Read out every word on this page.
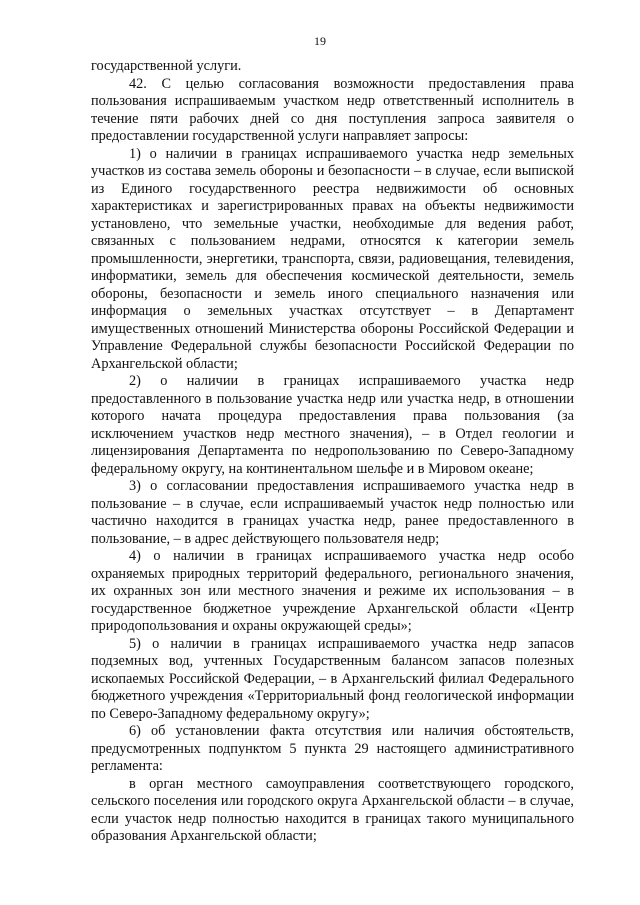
19

государственной услуги.

42. С целью согласования возможности предоставления права пользования испрашиваемым участком недр ответственный исполнитель в течение пяти рабочих дней со дня поступления запроса заявителя о предоставлении государственной услуги направляет запросы:

1) о наличии в границах испрашиваемого участка недр земельных участков из состава земель обороны и безопасности – в случае, если выпиской из Единого государственного реестра недвижимости об основных характеристиках и зарегистрированных правах на объекты недвижимости установлено, что земельные участки, необходимые для ведения работ, связанных с пользованием недрами, относятся к категории земель промышленности, энергетики, транспорта, связи, радиовещания, телевидения, информатики, земель для обеспечения космической деятельности, земель обороны, безопасности и земель иного специального назначения или информация о земельных участках отсутствует – в Департамент имущественных отношений Министерства обороны Российской Федерации и Управление Федеральной службы безопасности Российской Федерации по Архангельской области;

2) о наличии в границах испрашиваемого участка недр предоставленного в пользование участка недр или участка недр, в отношении которого начата процедура предоставления права пользования (за исключением участков недр местного значения), – в Отдел геологии и лицензирования Департамента по недропользованию по Северо-Западному федеральному округу, на континентальном шельфе и в Мировом океане;

3) о согласовании предоставления испрашиваемого участка недр в пользование – в случае, если испрашиваемый участок недр полностью или частично находится в границах участка недр, ранее предоставленного в пользование, – в адрес действующего пользователя недр;

4) о наличии в границах испрашиваемого участка недр особо охраняемых природных территорий федерального, регионального значения, их охранных зон или местного значения и режиме их использования – в государственное бюджетное учреждение Архангельской области «Центр природопользования и охраны окружающей среды»;

5) о наличии в границах испрашиваемого участка недр запасов подземных вод, учтенных Государственным балансом запасов полезных ископаемых Российской Федерации, – в Архангельский филиал Федерального бюджетного учреждения «Территориальный фонд геологической информации по Северо-Западному федеральному округу»;

6) об установлении факта отсутствия или наличия обстоятельств, предусмотренных подпунктом 5 пункта 29 настоящего административного регламента:

в орган местного самоуправления соответствующего городского, сельского поселения или городского округа Архангельской области – в случае, если участок недр полностью находится в границах такого муниципального образования Архангельской области;
